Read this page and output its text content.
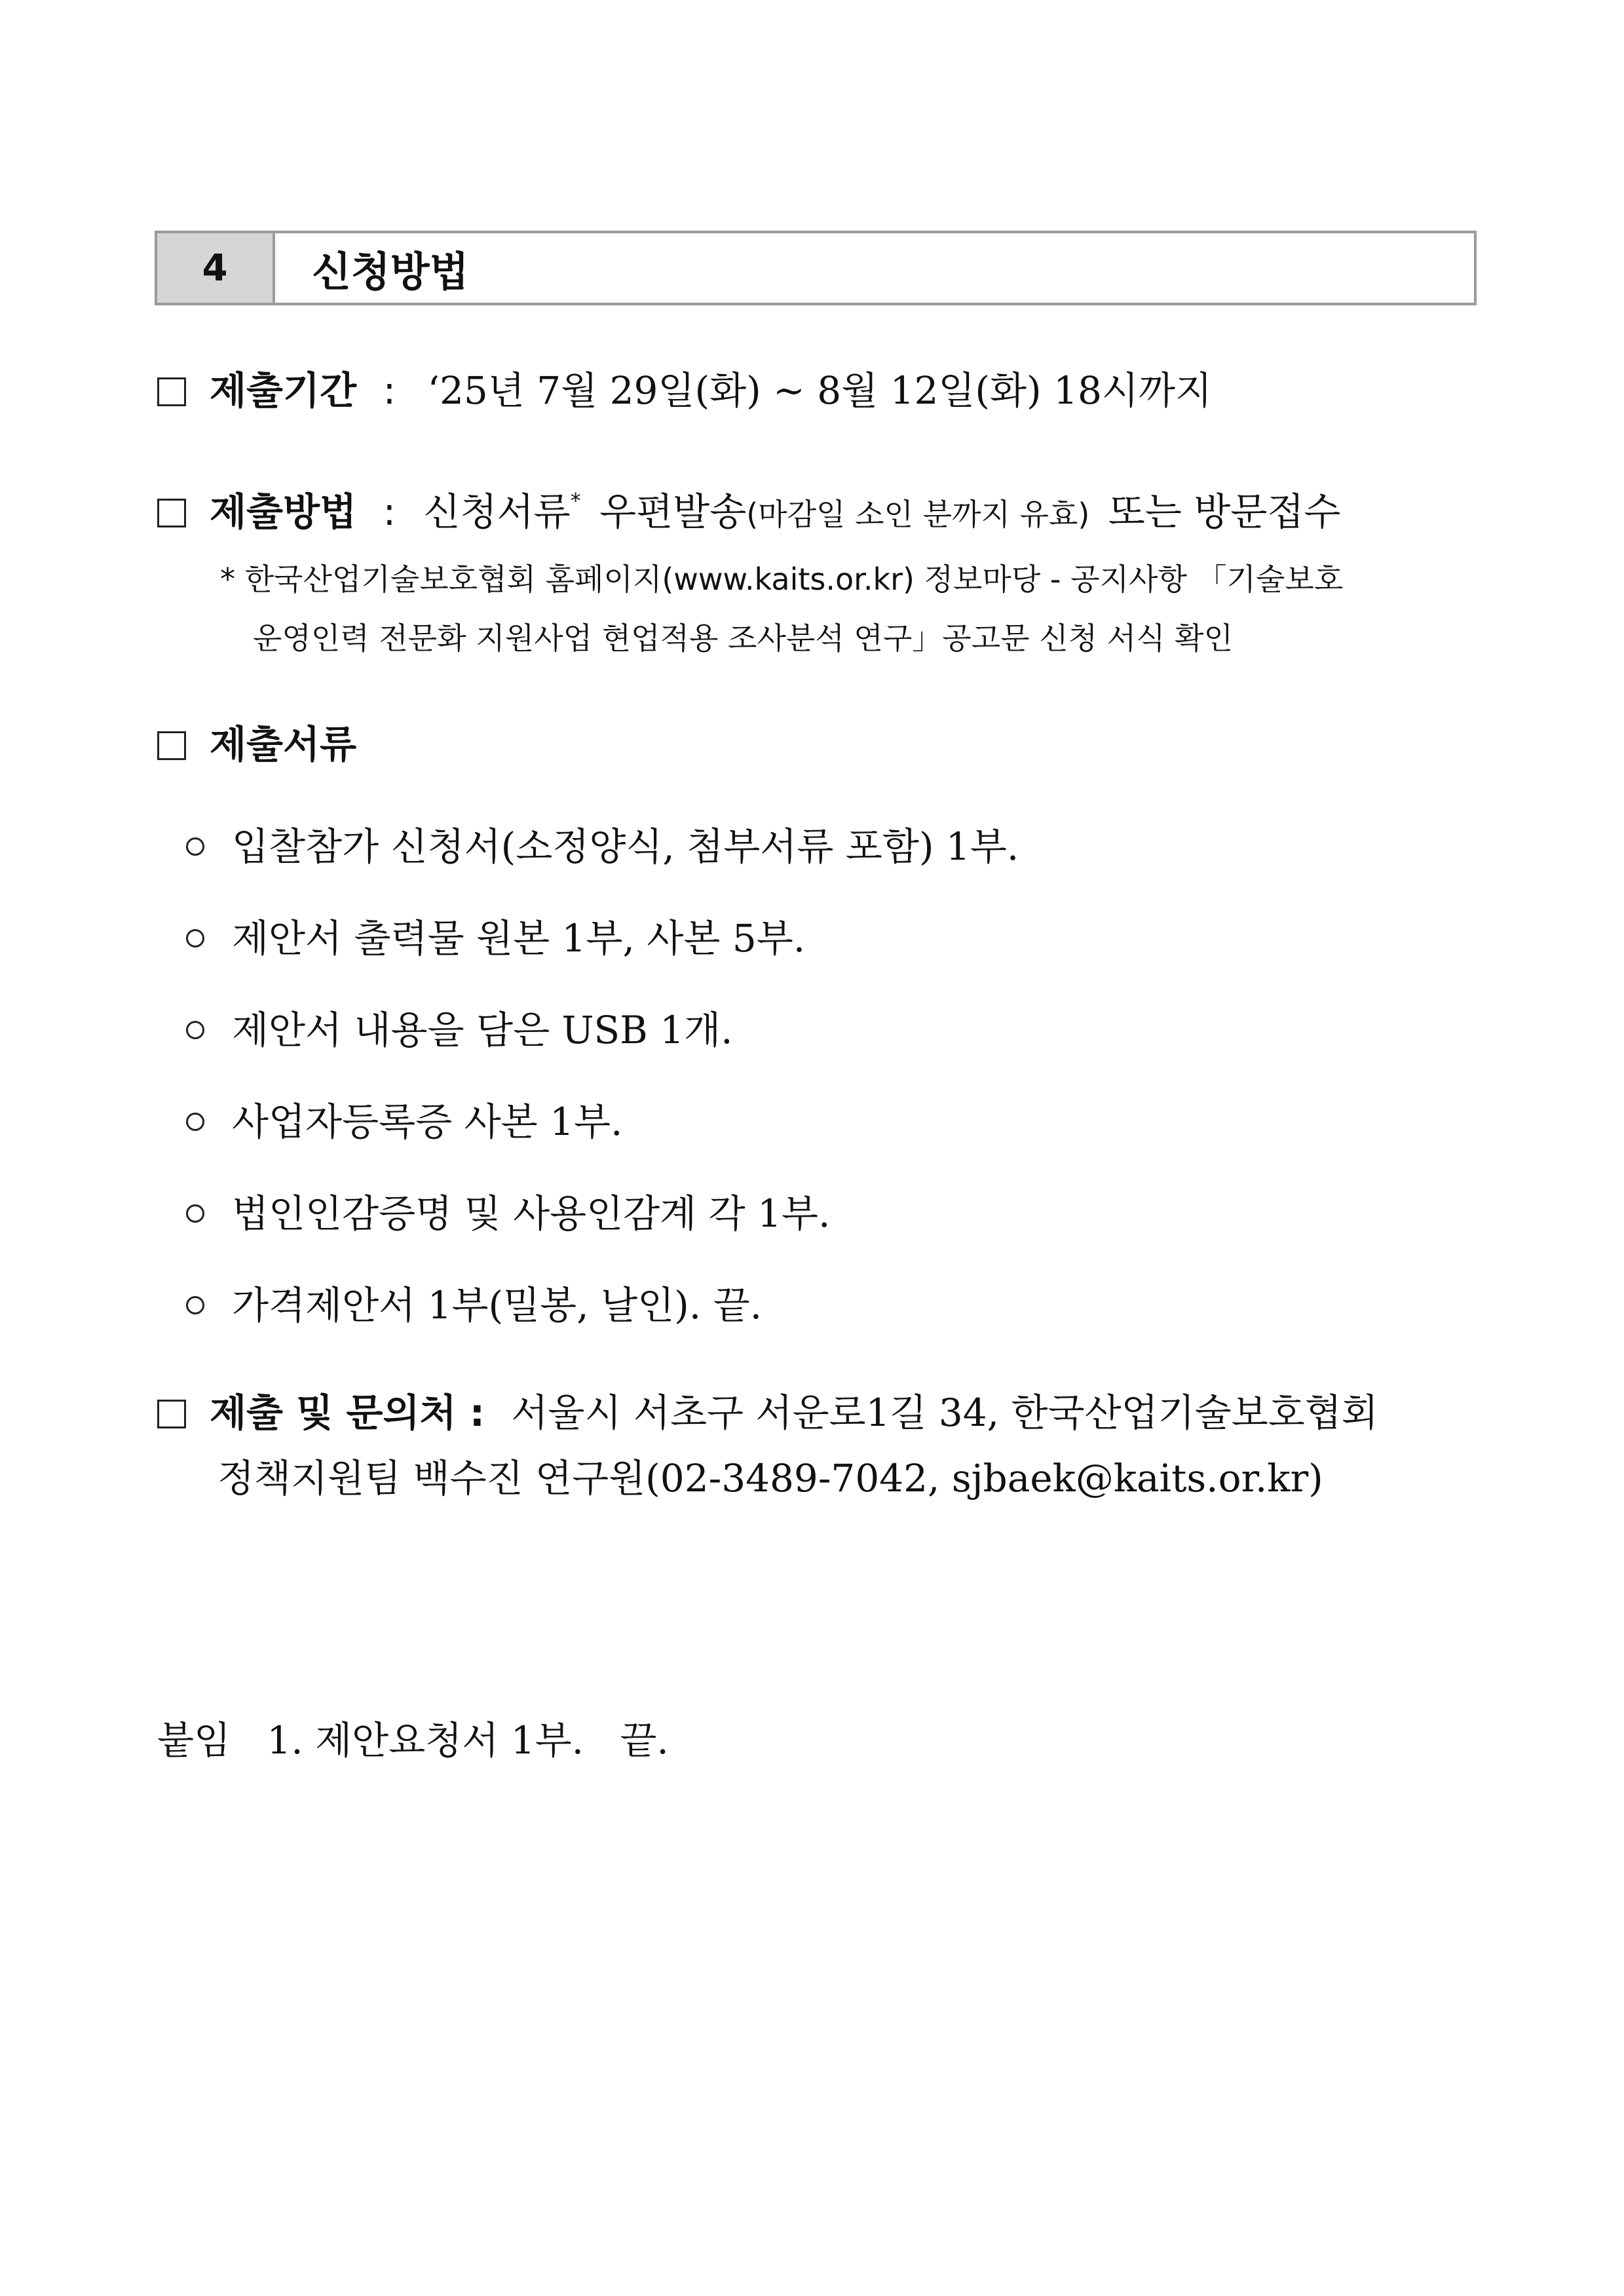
4	신청방법
제출기간 : ‘25년 7월 29일(화) ~ 8월 12일(화) 18시까지
제출방법 : 신청서류* 우편발송(마감일 소인 분까지 유효) 또는 방문접수
* 한국산업기술보호협회 홈페이지(www.kaits.or.kr) 정보마당 - 공지사항 「기술보호
운영인력 전문화 지원사업 현업적용 조사분석 연구」공고문 신청 서식 확인
제출서류
입찰참가 신청서(소정양식, 첨부서류 포함) 1부.
제안서 출력물 원본 1부, 사본 5부.
제안서 내용을 담은 USB 1개.
사업자등록증 사본 1부.
법인인감증명 및 사용인감계 각 1부.
가격제안서 1부(밀봉, 날인). 끝.
제출 및 문의처 : 서울시 서초구 서운로1길 34, 한국산업기술보호협회
정책지원팀 백수진 연구원(02-3489-7042, sjbaek@kaits.or.kr)
붙임   1. 제안요청서 1부.   끝.
